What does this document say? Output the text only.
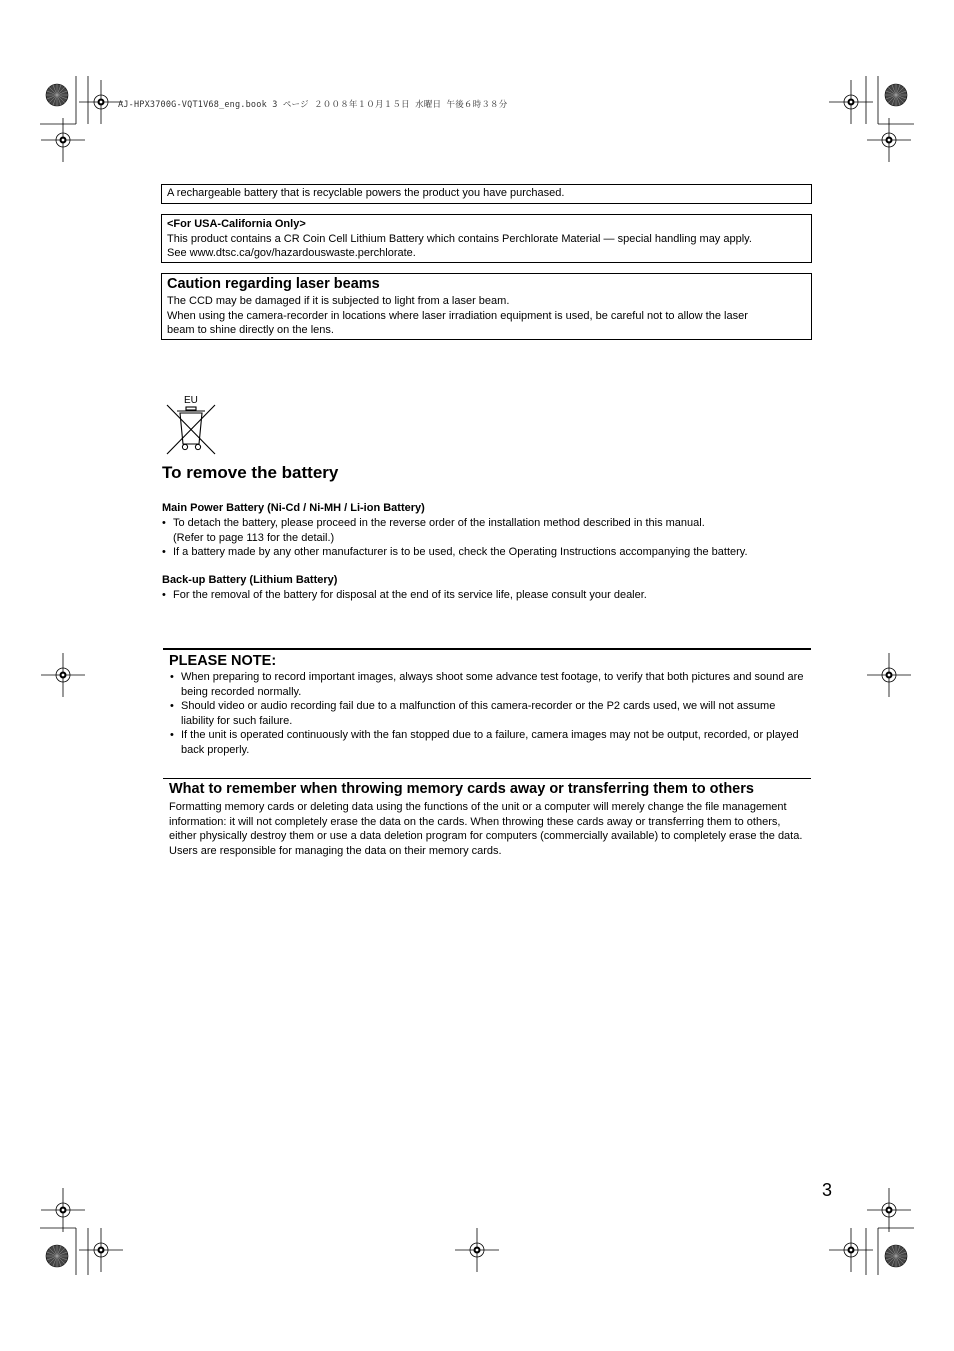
AJ-HPX3700G-VQT1V68_eng.book 3 ページ ２００８年１０月１５日 水曜日 午後６時３８分
A rechargeable battery that is recyclable powers the product you have purchased.
<For USA-California Only>
This product contains a CR Coin Cell Lithium Battery which contains Perchlorate Material — special handling may apply.
See www.dtsc.ca/gov/hazardouswaste.perchlorate.
Caution regarding laser beams
The CCD may be damaged if it is subjected to light from a laser beam.
When using the camera-recorder in locations where laser irradiation equipment is used, be careful not to allow the laser
beam to shine directly on the lens.
EU
To remove the battery
Main Power Battery (Ni-Cd / Ni-MH / Li-ion Battery)
• To detach the battery, please proceed in the reverse order of the installation method described in this manual.
(Refer to page 113 for the detail.)
• If a battery made by any other manufacturer is to be used, check the Operating Instructions accompanying the battery.
Back-up Battery (Lithium Battery)
• For the removal of the battery for disposal at the end of its service life, please consult your dealer.
PLEASE NOTE:
• When preparing to record important images, always shoot some advance test footage, to verify that both pictures and sound are being recorded normally.
• Should video or audio recording fail due to a malfunction of this camera-recorder or the P2 cards used, we will not assume liability for such failure.
• If the unit is operated continuously with the fan stopped due to a failure, camera images may not be output, recorded, or played back properly.
What to remember when throwing memory cards away or transferring them to others
Formatting memory cards or deleting data using the functions of the unit or a computer will merely change the file management information: it will not completely erase the data on the cards. When throwing these cards away or transferring them to others, either physically destroy them or use a data deletion program for computers (commercially available) to completely erase the data. Users are responsible for managing the data on their memory cards.
3
